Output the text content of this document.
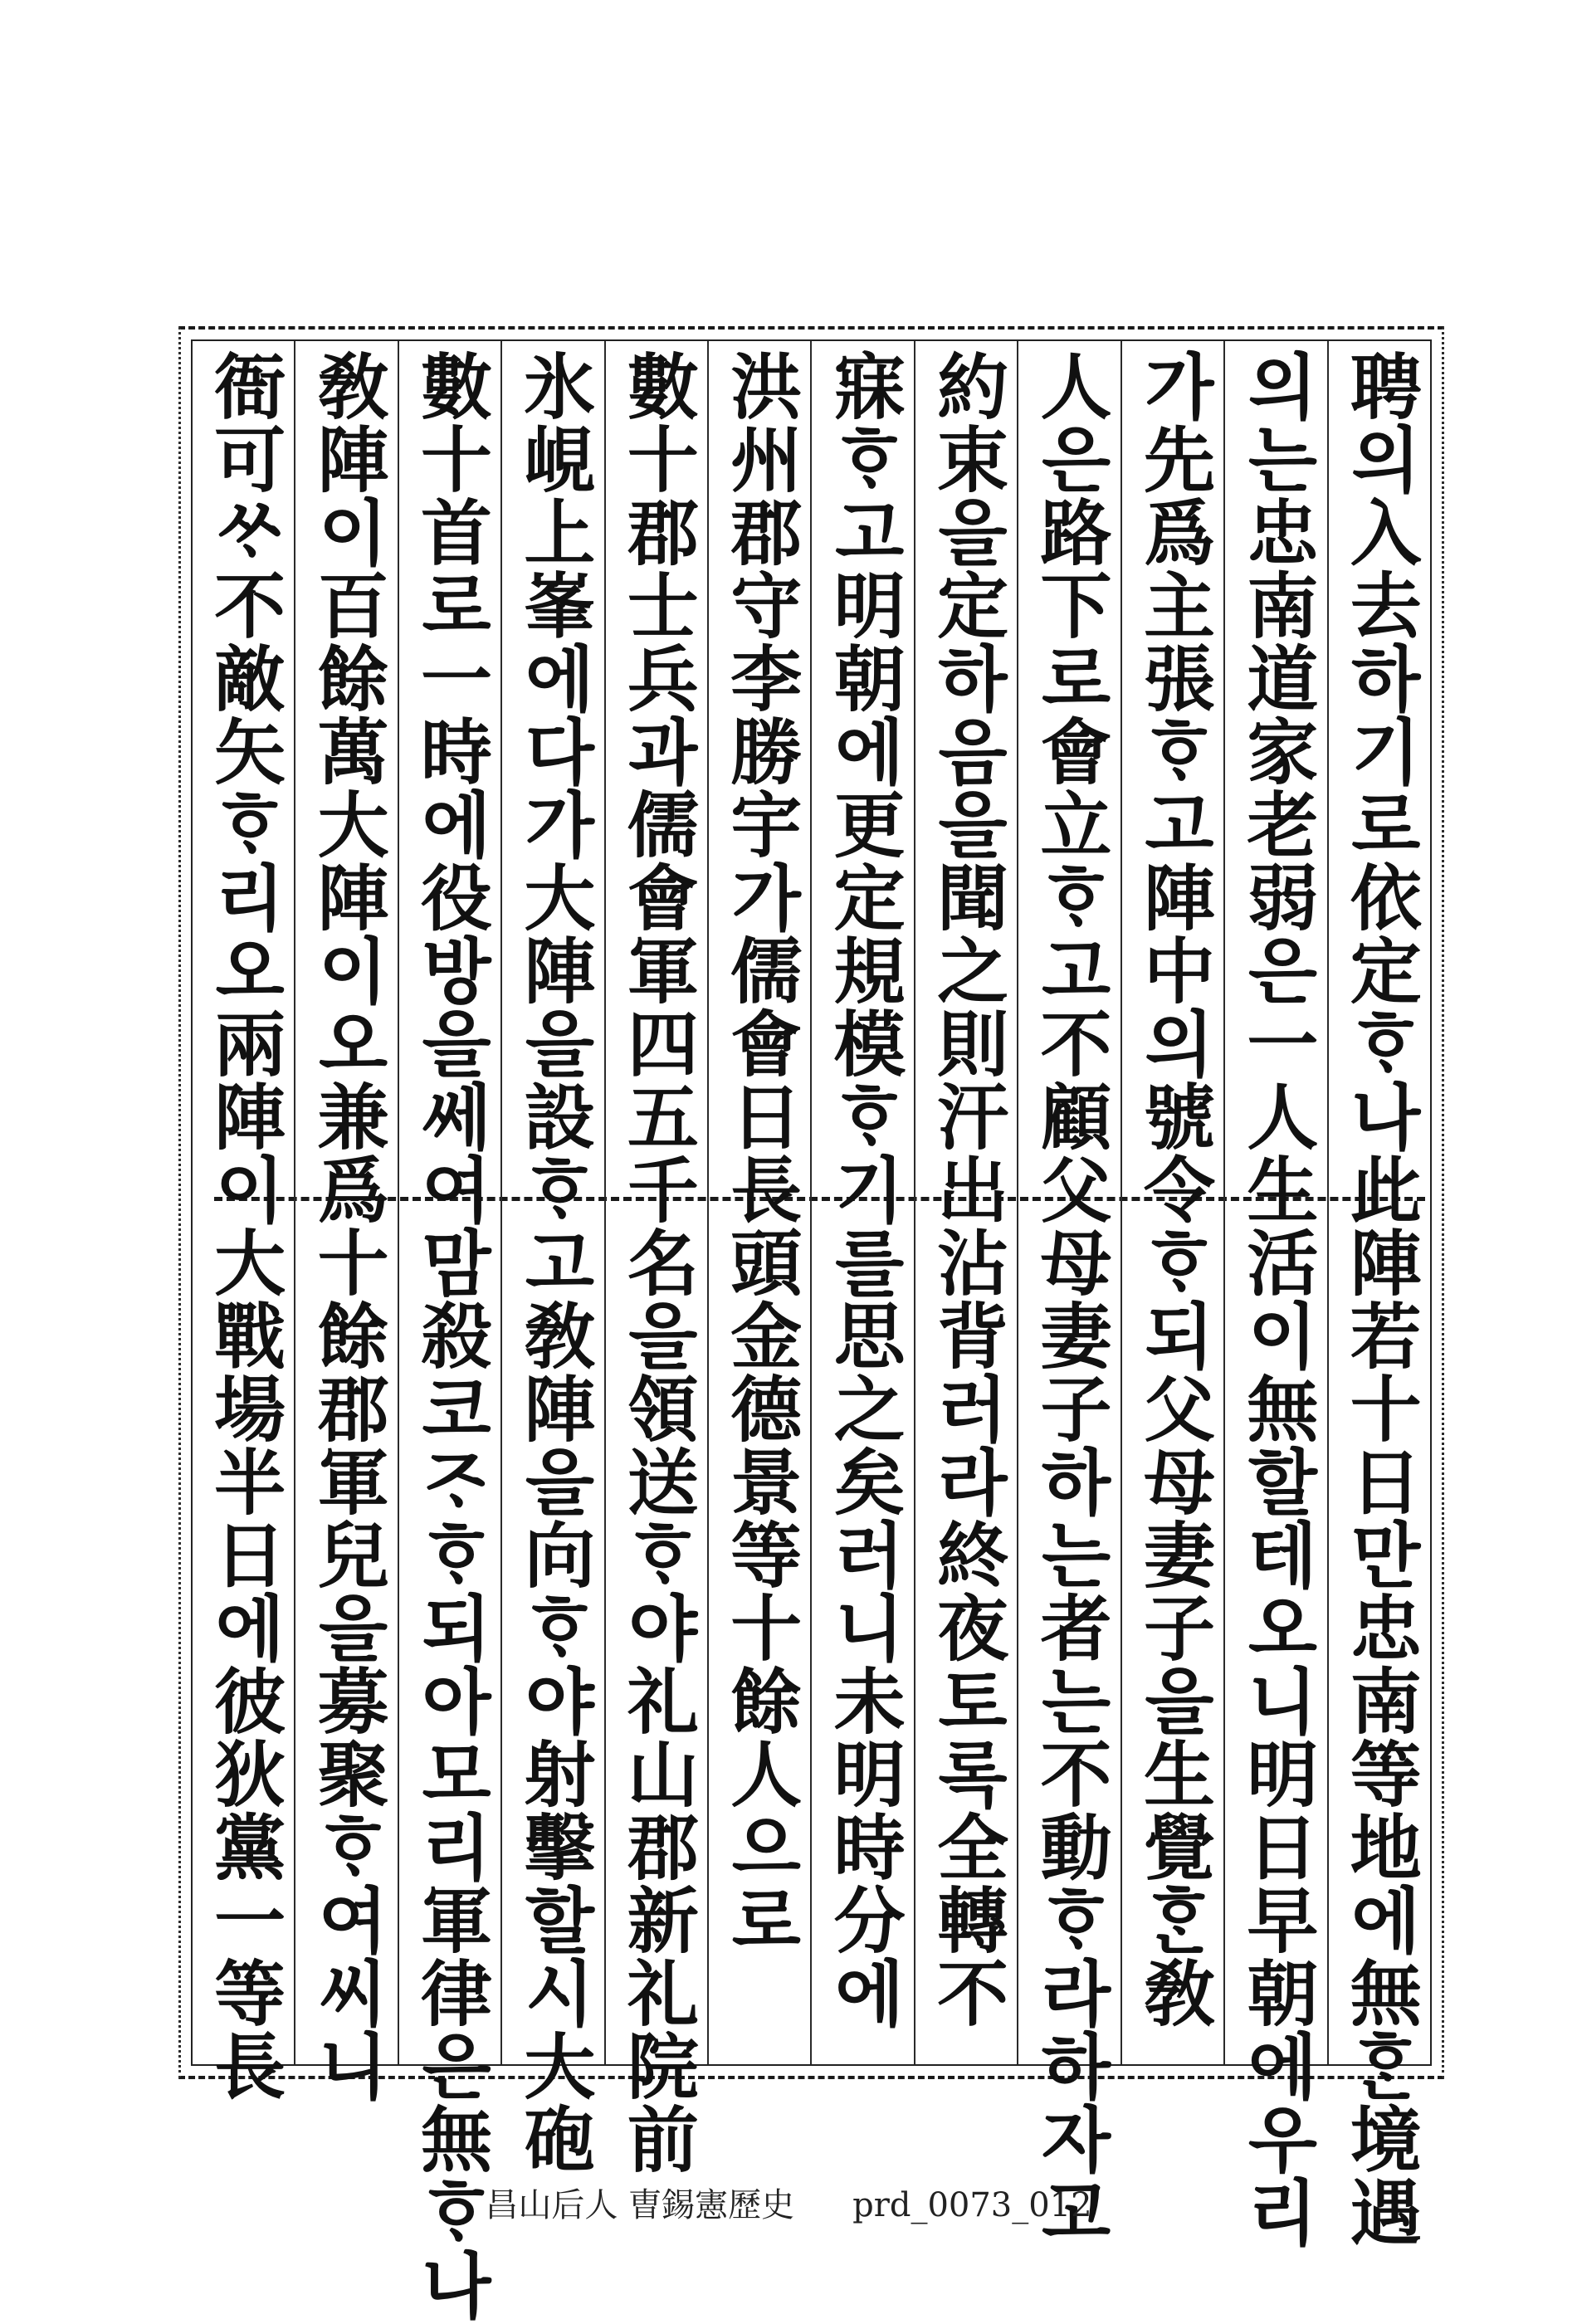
聘의入去하기로依定ᄒᆞ나此陣若十日만忠南等地에無ᄒᆞᆫ境遇
의는忠南道家老弱은一人生活이無할테오니明日早朝에우리
가先爲主張ᄒᆞ고陣中의號令ᄒᆞ되父母妻子을生覺ᄒᆞᆫ敎
人은路下로會立ᄒᆞ고不顧父母妻子하는者는不動ᄒᆞ라하자고
約束을定하음을聞之則汗出沾背러라終夜토록全轉不
寐ᄒᆞ고明朝에更定規模ᄒᆞ기를思之矣러니未明時分에
洪州郡守李勝宇가儒會日長頭金德景等十餘人으로
數十郡士兵과儒會軍四五千名을領送ᄒᆞ야礼山郡新礼院前
氷峴上峯에다가大陣을設ᄒᆞ고敎陣을向ᄒᆞ야射擊할시大砲
數十首로一時에役방을쎄여맘殺코ᄌᆞᄒᆞ되아모리軍律은無ᄒᆞ나
敎陣이百餘萬大陣이오兼爲十餘郡軍兒을募聚ᄒᆞ여씨니
衙可ᄊᆞ不敵矢ᄒᆞ리오兩陣이大戰場半日에彼狄黨一等長
昌山后人 曺錫憲歷史 prd_0073_012
